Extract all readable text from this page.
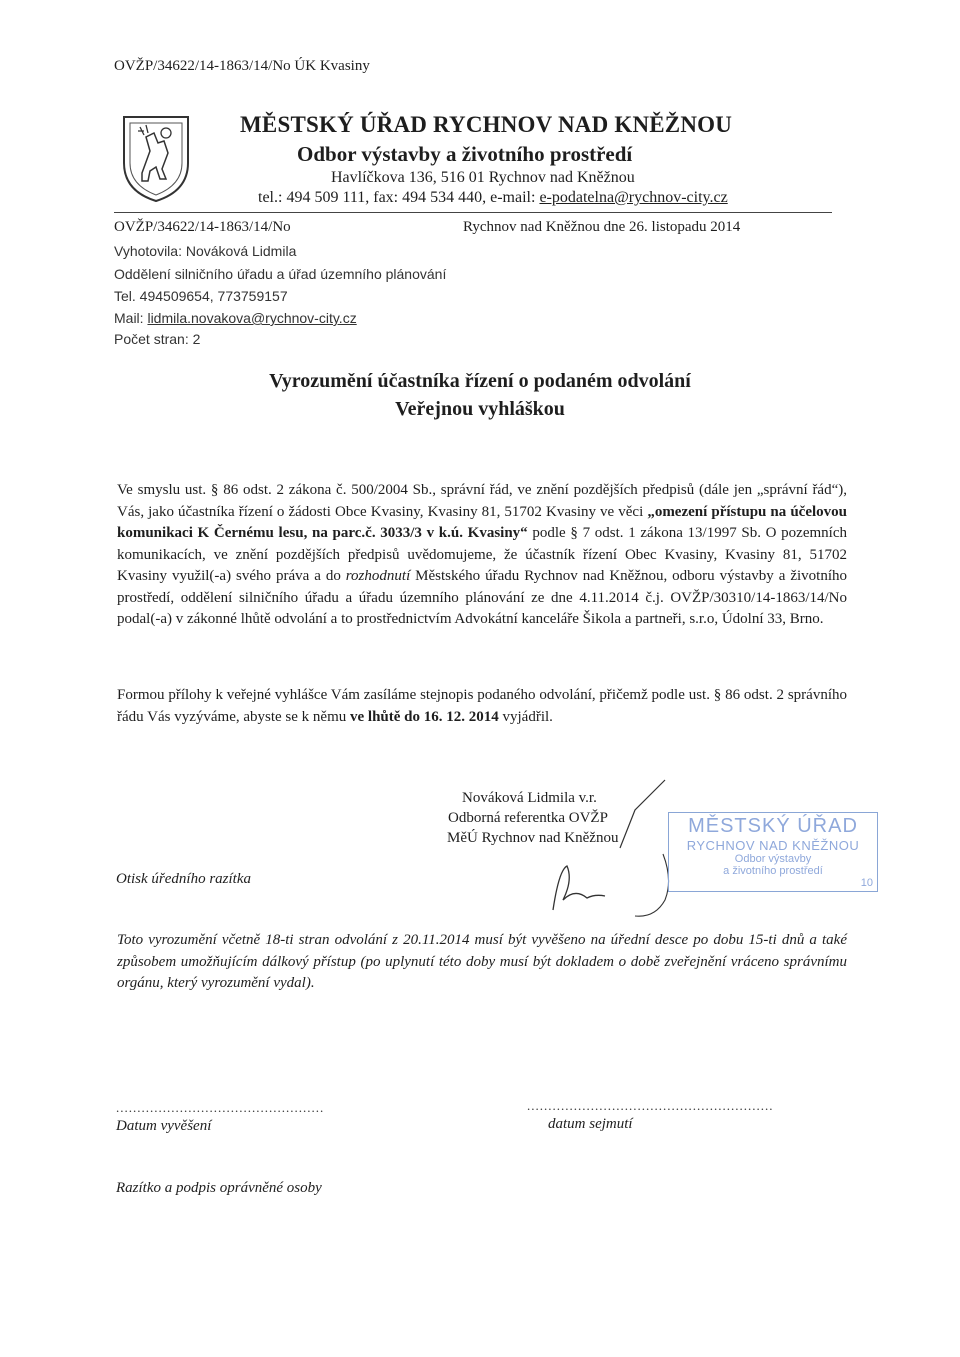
OVŽP/34622/14-1863/14/No ÚK Kvasiny
MĚSTSKÝ ÚŘAD RYCHNOV NAD KNĚŽNOU
Odbor výstavby a životního prostředí
Havlíčkova 136, 516 01 Rychnov nad Kněžnou
tel.: 494 509 111, fax: 494 534 440, e-mail: e-podatelna@rychnov-city.cz
OVŽP/34622/14-1863/14/No	Rychnov nad Kněžnou dne 26. listopadu 2014
Vyhotovila: Nováková Lidmila
Oddělení silničního úřadu a úřad územního plánování
Tel. 494509654, 773759157
Mail: lidmila.novakova@rychnov-city.cz
Počet stran: 2
Vyrozumění účastníka řízení o podaném odvolání
Veřejnou vyhláškou
Ve smyslu ust. § 86 odst. 2 zákona č. 500/2004 Sb., správní řád, ve znění pozdějších předpisů (dále jen „správní řád“), Vás, jako účastníka řízení o žádosti Obce Kvasiny, Kvasiny 81, 51702 Kvasiny ve věci „omezení přístupu na účelovou komunikaci K Černému lesu, na parc.č. 3033/3 v k.ú. Kvasiny“ podle § 7 odst. 1 zákona 13/1997 Sb. O pozemních komunikacích, ve znění pozdějších předpisů uvědomujeme, že účastník řízení Obec Kvasiny, Kvasiny 81, 51702 Kvasiny využil(-a) svého práva a do rozhodnutí Městského úřadu Rychnov nad Kněžnou, odboru výstavby a životního prostředí, oddělení silničního úřadu a úřadu územního plánování ze dne 4.11.2014 č.j. OVŽP/30310/14-1863/14/No podal(-a) v zákonné lhůtě odvolání a to prostřednictvím Advokátní kanceláře Šikola a partneři, s.r.o, Údolní 33, Brno.
Formou přílohy k veřejné vyhlášce Vám zasíláme stejnopis podaného odvolání, přičemž podle ust. § 86 odst. 2 správního řádu Vás vyzýváme, abyste se k němu ve lhůtě do 16. 12. 2014 vyjádřil.
Nováková Lidmila v.r.
Odborná referentka OVŽP
MěÚ Rychnov nad Kněžnou
MĚSTSKÝ ÚŘAD
RYCHNOV NAD KNĚŽNOU
Odbor výstavby
a životního prostředí
10
Otisk úředního razítka
Toto vyrozumění včetně 18-ti stran odvolání z 20.11.2014 musí být vyvěšeno na úřední desce po dobu 15-ti dnů a také způsobem umožňujícím dálkový přístup (po uplynutí této doby musí být dokladem o době zveřejnění vráceno správnímu orgánu, který vyrozumění vydal).
.................................................	..........................................................
Datum vyvěšení	datum sejmutí
Razítko a podpis oprávněné osoby
